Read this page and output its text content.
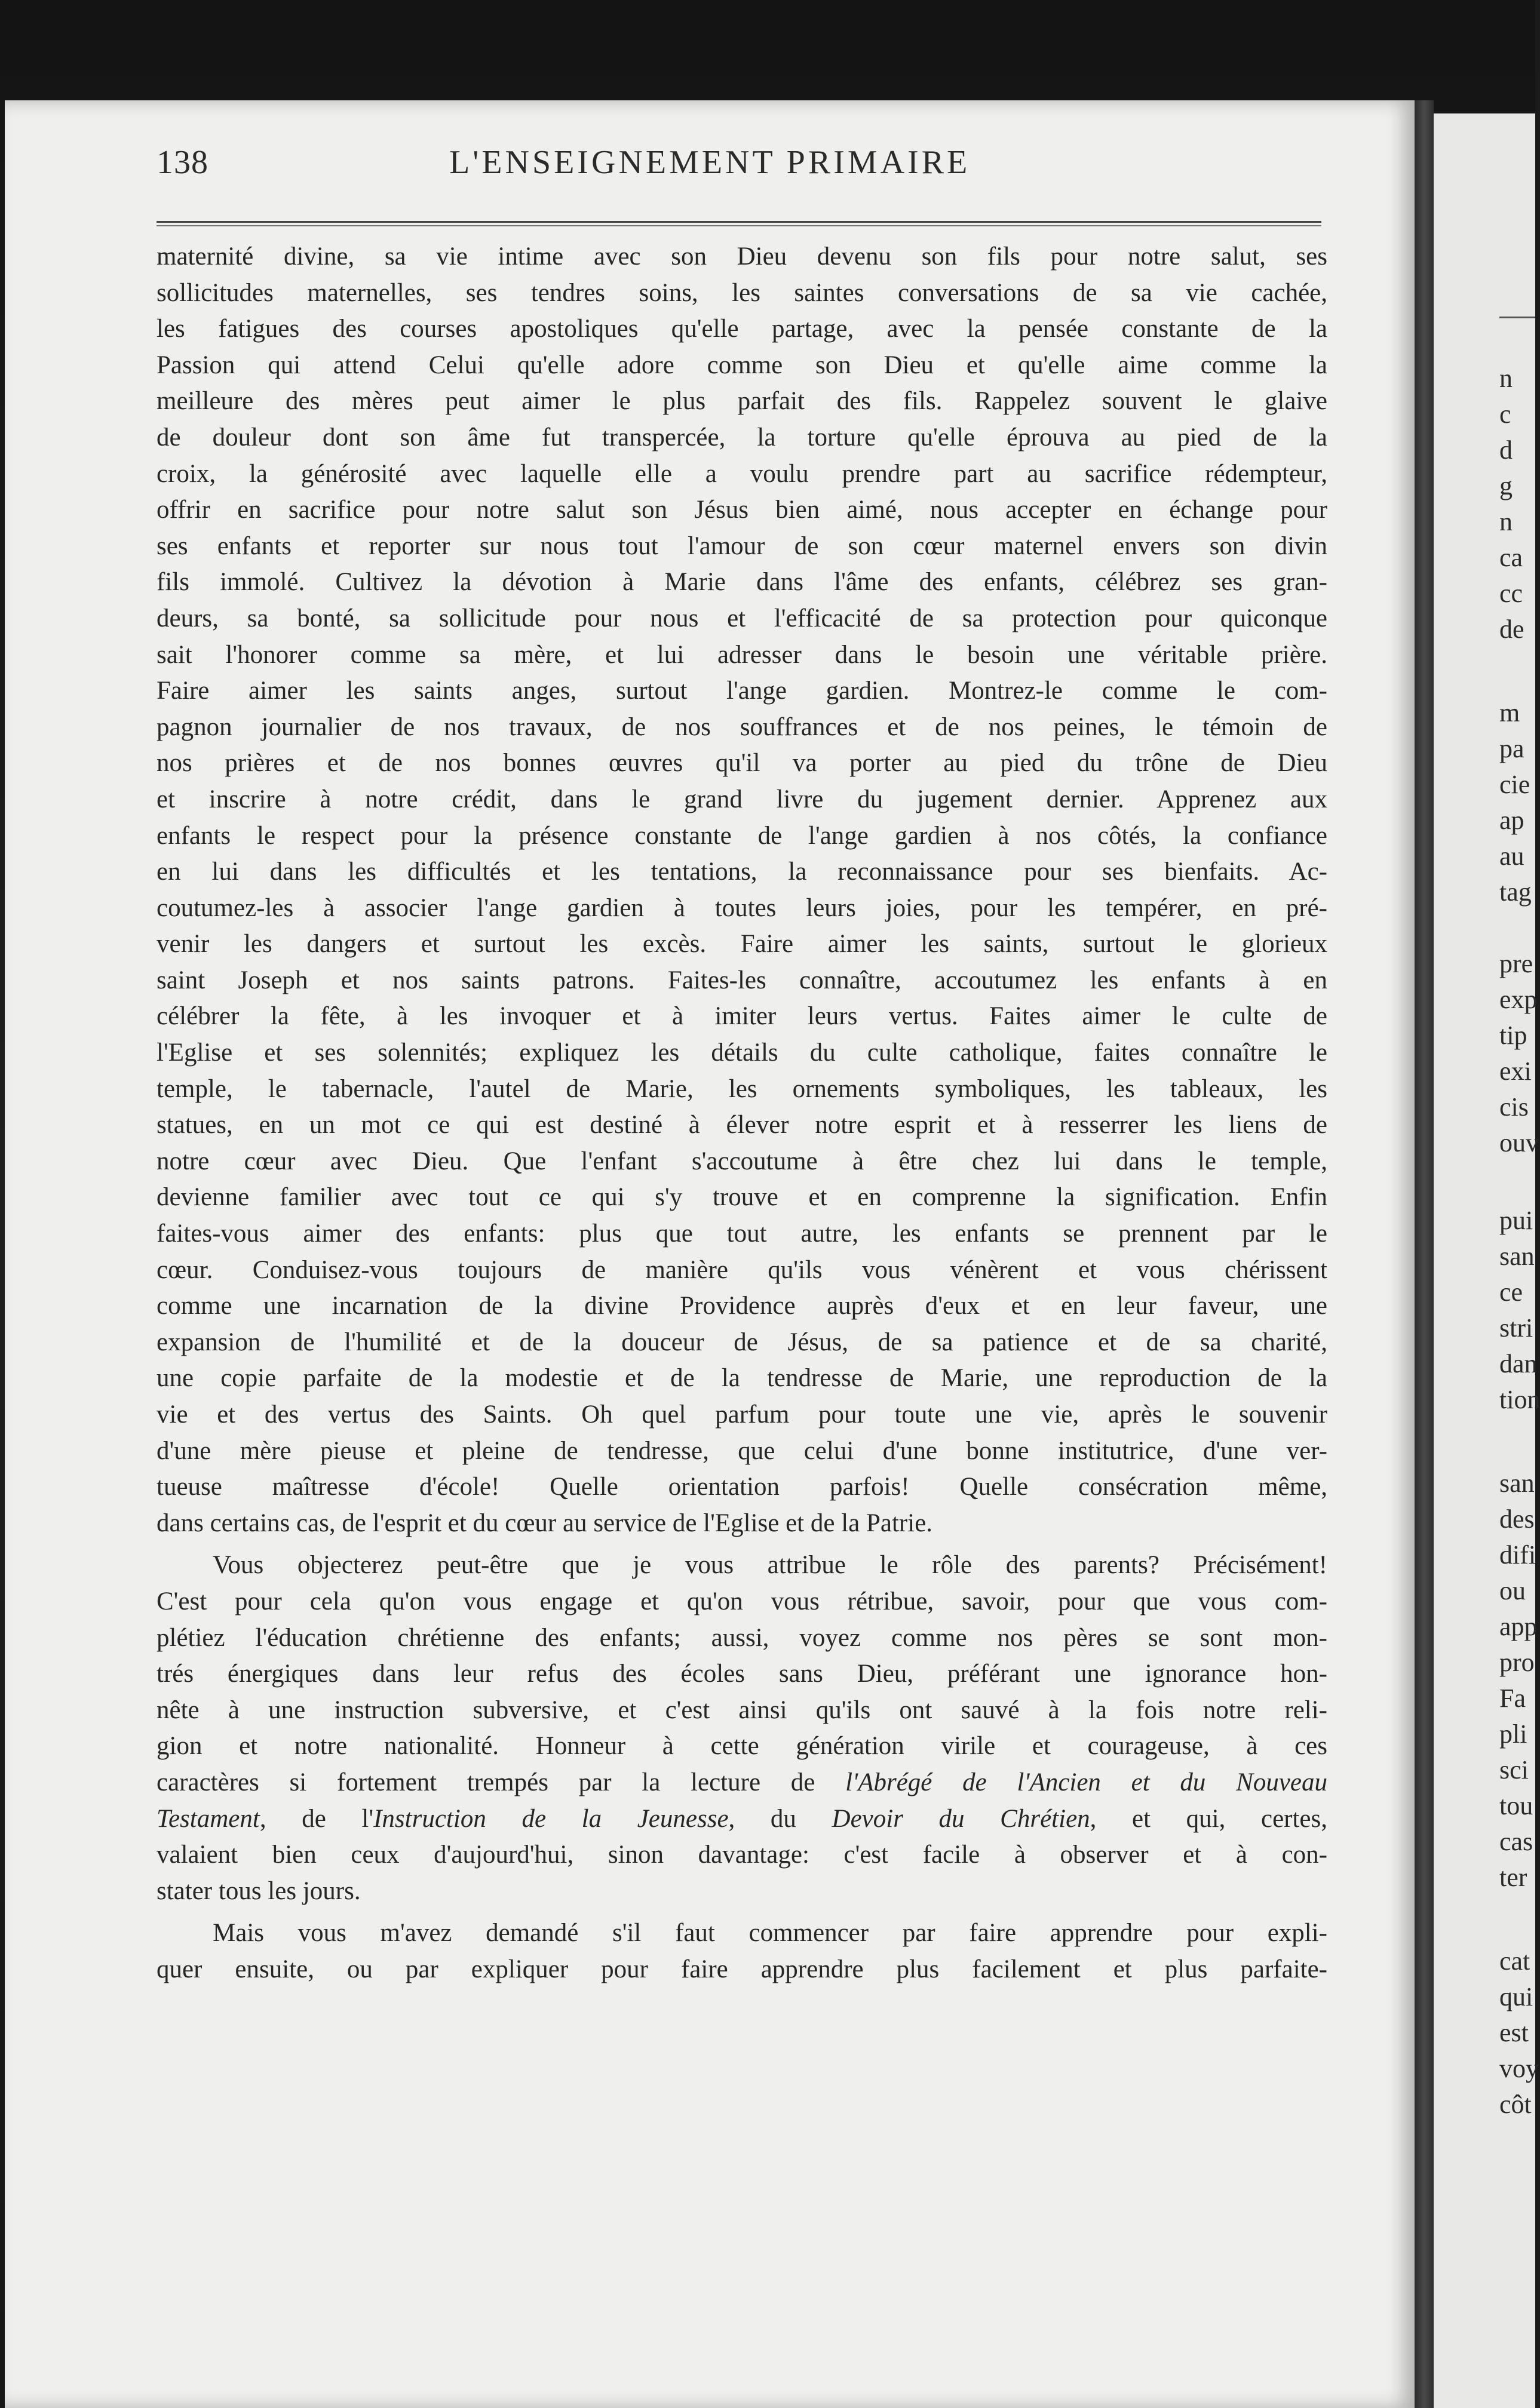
n
c
d
g
n
ca
cc
de
m
pa
cie
ap
au
tag
pre
exp
tip
exi
cis
ouv
pui
san
ce
stri
dan
tion
san
des
difi
ou
app
pro
Fa
pli
sci
tou
cas
ter
cat
qui
est
voy
côt
138	L'ENSEIGNEMENT PRIMAIRE
maternité divine, sa vie intime avec son Dieu devenu son fils pour notre salut, ses
sollicitudes maternelles, ses tendres soins, les saintes conversations de sa vie cachée,
les fatigues des courses apostoliques qu'elle partage, avec la pensée constante de la
Passion qui attend Celui qu'elle adore comme son Dieu et qu'elle aime comme la
meilleure des mères peut aimer le plus parfait des fils. Rappelez souvent le glaive
de douleur dont son âme fut transpercée, la torture qu'elle éprouva au pied de la
croix, la générosité avec laquelle elle a voulu prendre part au sacrifice rédempteur,
offrir en sacrifice pour notre salut son Jésus bien aimé, nous accepter en échange pour
ses enfants et reporter sur nous tout l'amour de son cœur maternel envers son divin
fils immolé. Cultivez la dévotion à Marie dans l'âme des enfants, célébrez ses gran-
deurs, sa bonté, sa sollicitude pour nous et l'efficacité de sa protection pour quiconque
sait l'honorer comme sa mère, et lui adresser dans le besoin une véritable prière.
Faire aimer les saints anges, surtout l'ange gardien. Montrez-le comme le com-
pagnon journalier de nos travaux, de nos souffrances et de nos peines, le témoin de
nos prières et de nos bonnes œuvres qu'il va porter au pied du trône de Dieu
et inscrire à notre crédit, dans le grand livre du jugement dernier. Apprenez aux
enfants le respect pour la présence constante de l'ange gardien à nos côtés, la confiance
en lui dans les difficultés et les tentations, la reconnaissance pour ses bienfaits. Ac-
coutumez-les à associer l'ange gardien à toutes leurs joies, pour les tempérer, en pré-
venir les dangers et surtout les excès. Faire aimer les saints, surtout le glorieux
saint Joseph et nos saints patrons. Faites-les connaître, accoutumez les enfants à en
célébrer la fête, à les invoquer et à imiter leurs vertus. Faites aimer le culte de
l'Eglise et ses solennités; expliquez les détails du culte catholique, faites connaître le
temple, le tabernacle, l'autel de Marie, les ornements symboliques, les tableaux, les
statues, en un mot ce qui est destiné à élever notre esprit et à resserrer les liens de
notre cœur avec Dieu. Que l'enfant s'accoutume à être chez lui dans le temple,
devienne familier avec tout ce qui s'y trouve et en comprenne la signification. Enfin
faites-vous aimer des enfants: plus que tout autre, les enfants se prennent par le
cœur. Conduisez-vous toujours de manière qu'ils vous vénèrent et vous chérissent
comme une incarnation de la divine Providence auprès d'eux et en leur faveur, une
expansion de l'humilité et de la douceur de Jésus, de sa patience et de sa charité,
une copie parfaite de la modestie et de la tendresse de Marie, une reproduction de la
vie et des vertus des Saints. Oh quel parfum pour toute une vie, après le souvenir
d'une mère pieuse et pleine de tendresse, que celui d'une bonne institutrice, d'une ver-
tueuse maîtresse d'école! Quelle orientation parfois! Quelle consécration même,
dans certains cas, de l'esprit et du cœur au service de l'Eglise et de la Patrie.
Vous objecterez peut-être que je vous attribue le rôle des parents? Précisément!
C'est pour cela qu'on vous engage et qu'on vous rétribue, savoir, pour que vous com-
plétiez l'éducation chrétienne des enfants; aussi, voyez comme nos pères se sont mon-
trés énergiques dans leur refus des écoles sans Dieu, préférant une ignorance hon-
nête à une instruction subversive, et c'est ainsi qu'ils ont sauvé à la fois notre reli-
gion et notre nationalité. Honneur à cette génération virile et courageuse, à ces
caractères si fortement trempés par la lecture de l'Abrégé de l'Ancien et du Nouveau
Testament, de l'Instruction de la Jeunesse, du Devoir du Chrétien, et qui, certes,
valaient bien ceux d'aujourd'hui, sinon davantage: c'est facile à observer et à con-
stater tous les jours.
Mais vous m'avez demandé s'il faut commencer par faire apprendre pour expli-
quer ensuite, ou par expliquer pour faire apprendre plus facilement et plus parfaite-
